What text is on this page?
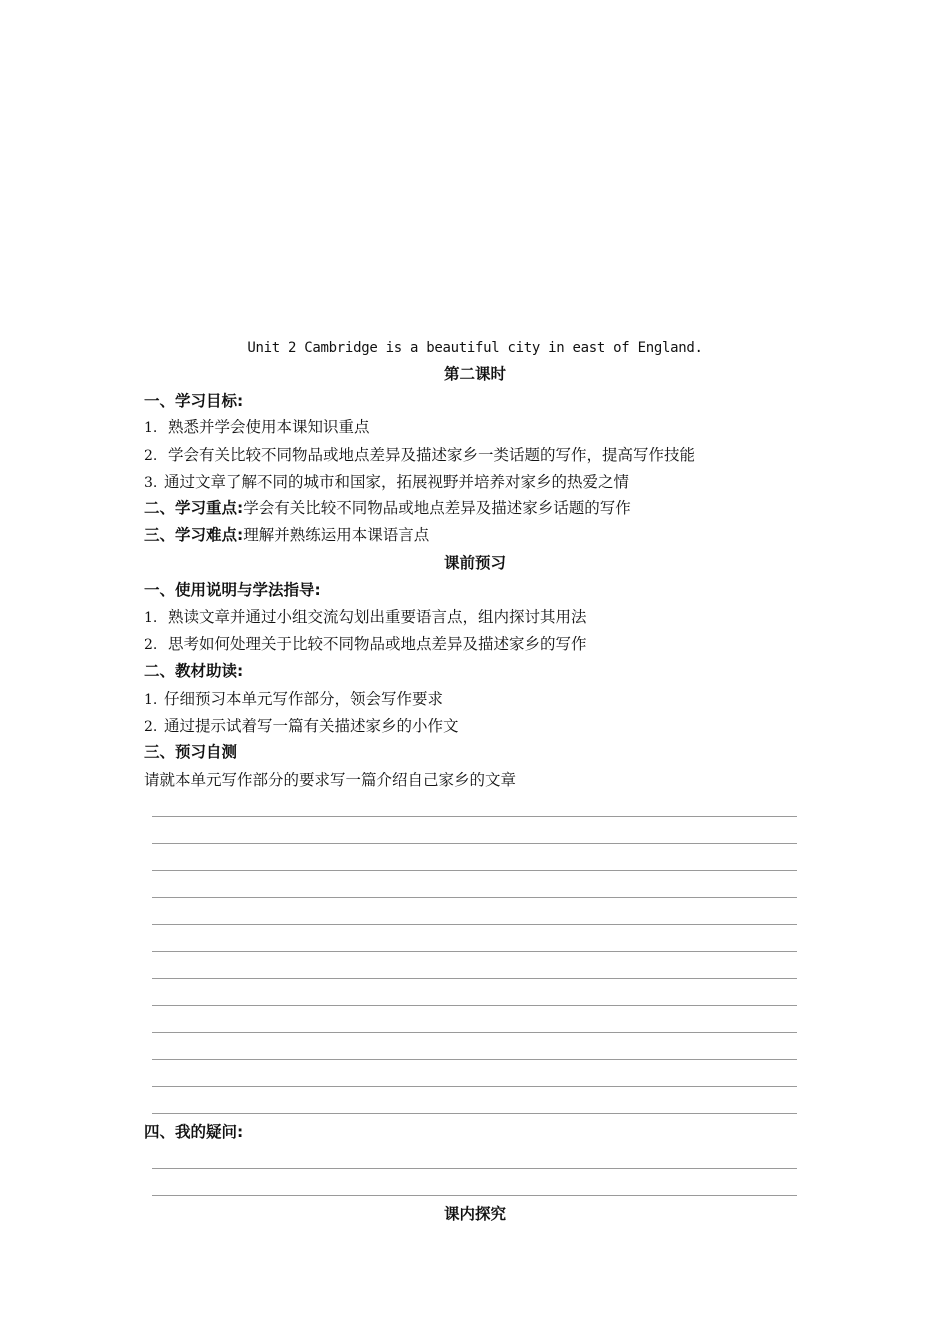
Unit 2 Cambridge is a beautiful city in east of England.
第二课时
一、学习目标:
1. 熟悉并学会使用本课知识重点
2. 学会有关比较不同物品或地点差异及描述家乡一类话题的写作，提高写作技能
3. 通过文章了解不同的城市和国家，拓展视野并培养对家乡的热爱之情
二、学习重点:学会有关比较不同物品或地点差异及描述家乡话题的写作
三、学习难点:理解并熟练运用本课语言点
课前预习
一、使用说明与学法指导:
1. 熟读文章并通过小组交流勾划出重要语言点，组内探讨其用法
2. 思考如何处理关于比较不同物品或地点差异及描述家乡的写作
二、教材助读:
1. 仔细预习本单元写作部分，领会写作要求
2. 通过提示试着写一篇有关描述家乡的小作文
三、预习自测
请就本单元写作部分的要求写一篇介绍自己家乡的文章
四、我的疑问:
课内探究
